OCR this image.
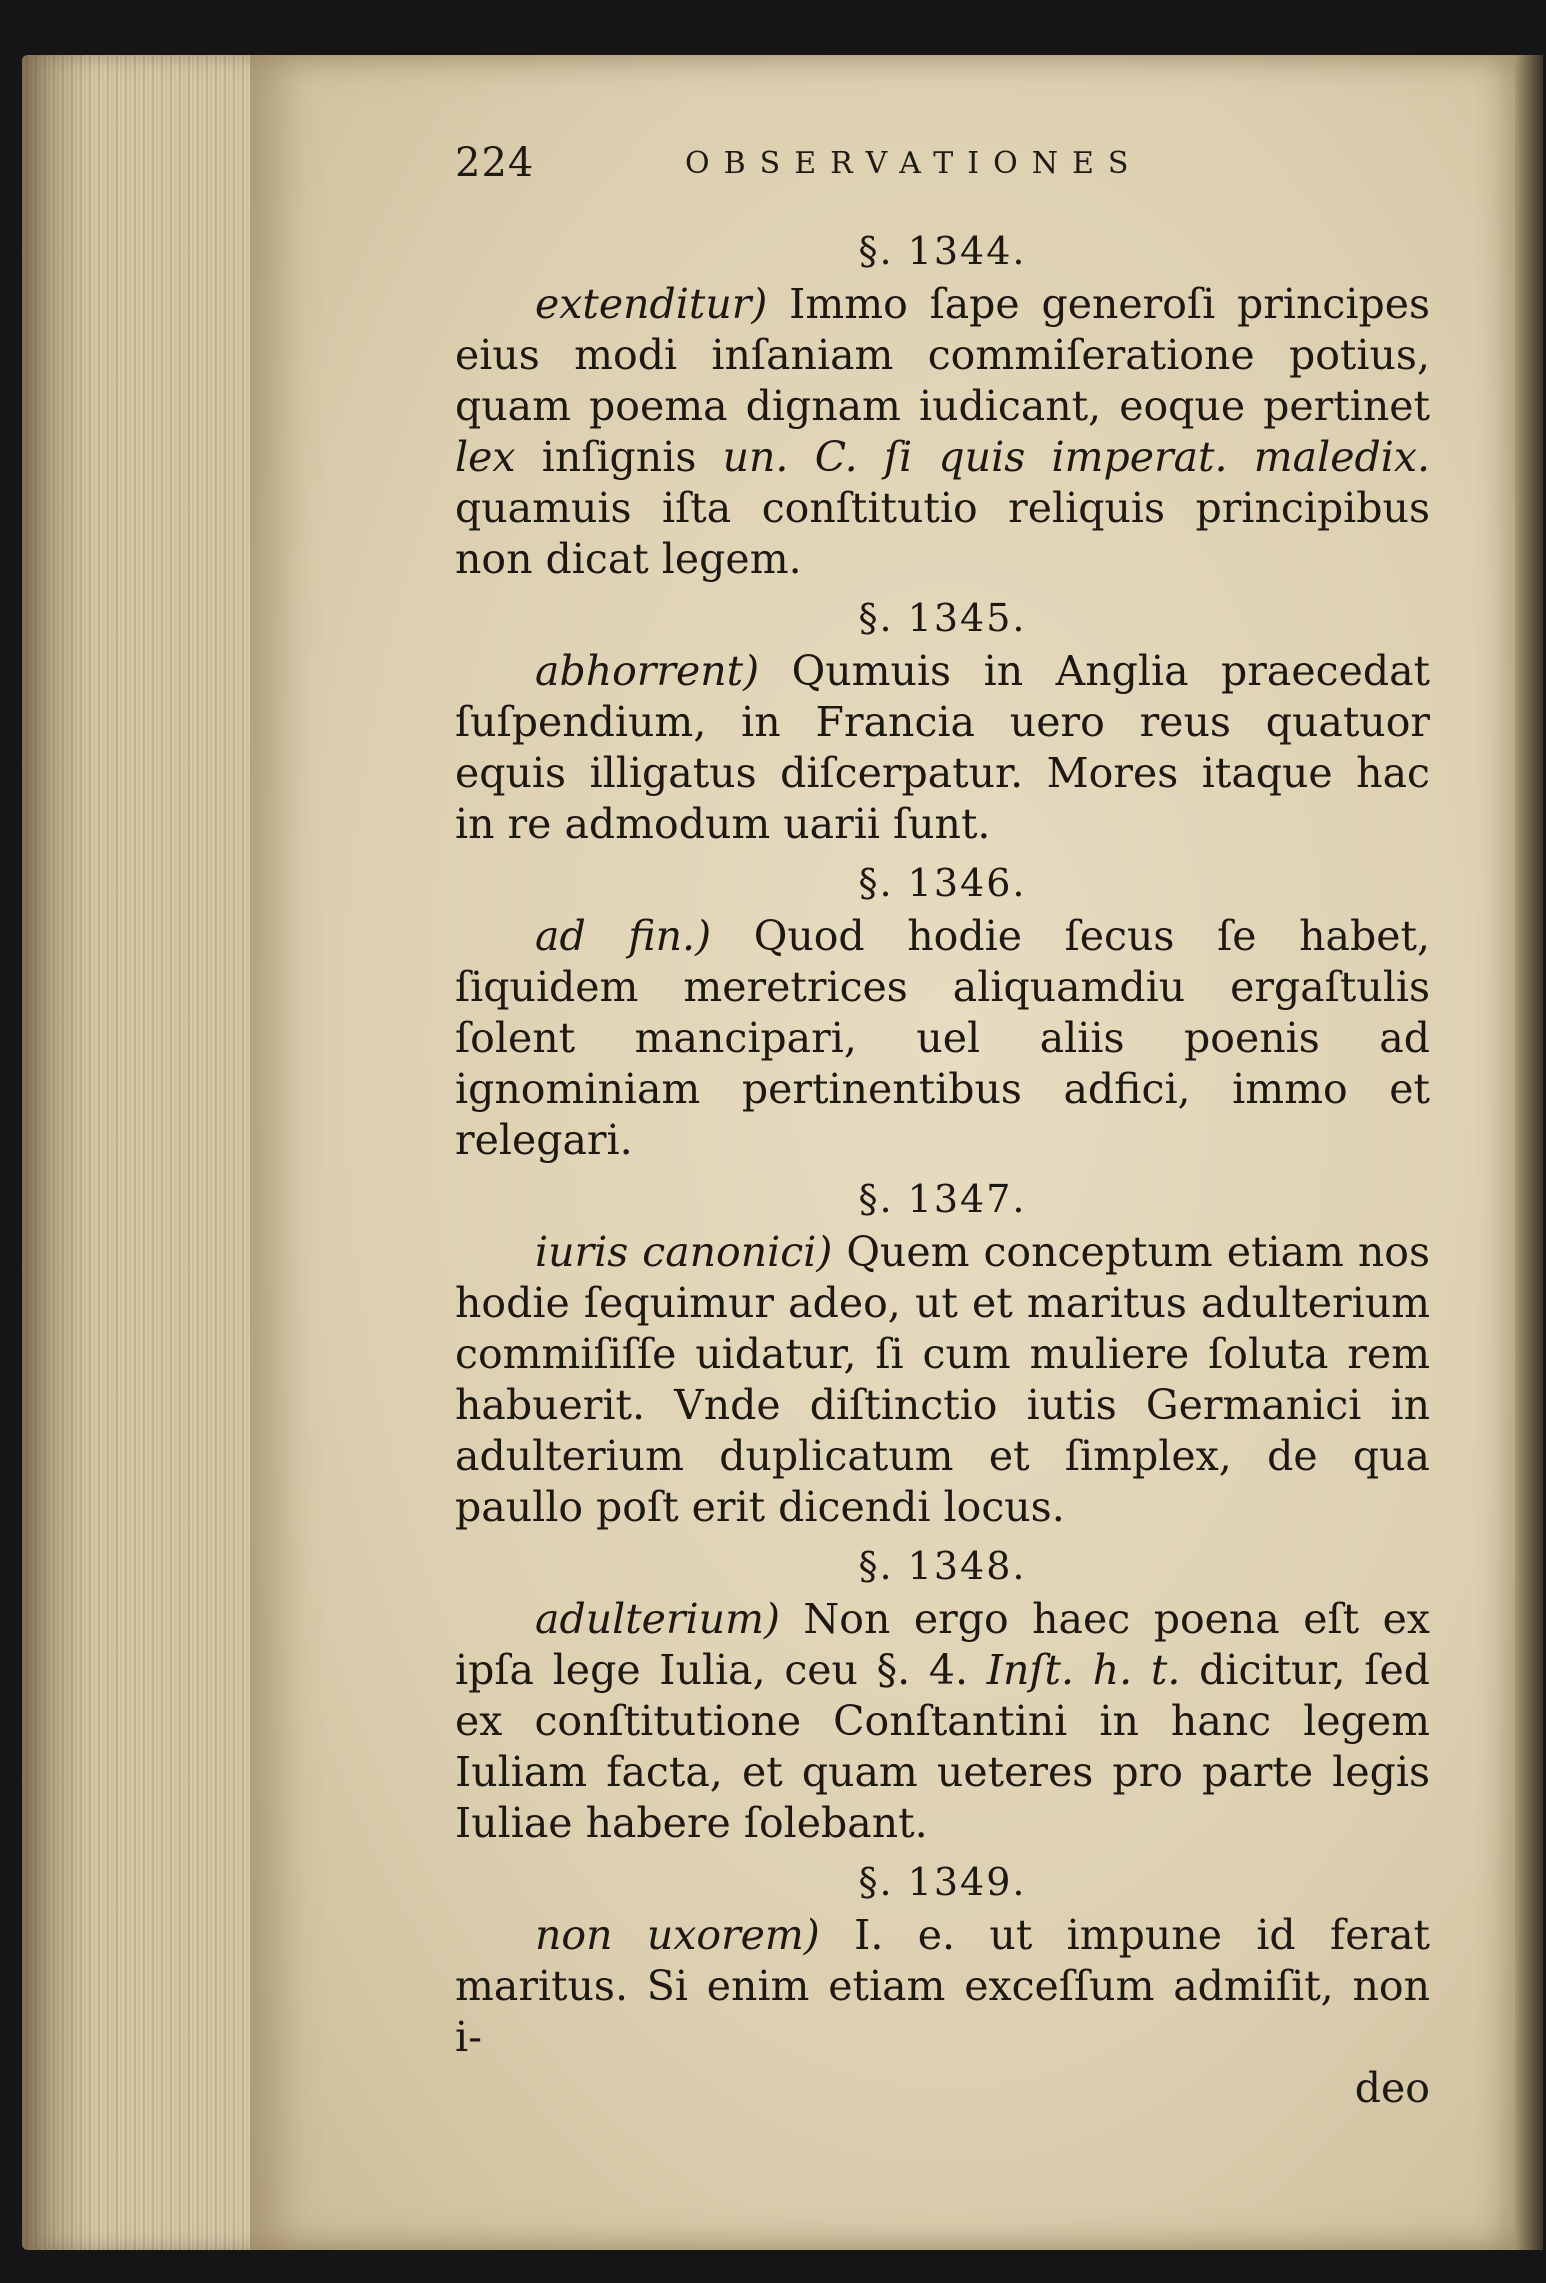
224	OBSERVATIONES
§. 1344.

extenditur) Immo ſape generoſi principes eius modi inſaniam commiſeratione potius, quam poema dignam iudicant, eoque pertinet lex inſignis un. C. ſi quis imperat. maledix. quamuis iſta conſtitutio reliquis principibus non dicat legem.

§. 1345.

abhorrent) Qumuis in Anglia praecedat ſuſpendium, in Francia uero reus quatuor equis illigatus diſcerpatur. Mores itaque hac in re admodum uarii ſunt.

§. 1346.

ad fin.) Quod hodie ſecus ſe habet, ſiquidem meretrices aliquamdiu ergaſtulis ſolent mancipari, uel aliis poenis ad ignominiam pertinentibus adfici, immo et relegari.

§. 1347.

iuris canonici) Quem conceptum etiam nos hodie ſequimur adeo, ut et maritus adulterium commiſiſſe uidatur, ſi cum muliere ſoluta rem habuerit. Vnde diſtinctio iutis Germanici in adulterium duplicatum et ſimplex, de qua paullo poſt erit dicendi locus.

§. 1348.

adulterium) Non ergo haec poena eſt ex ipſa lege Iulia, ceu §. 4. Inſt. h. t. dicitur, ſed ex conſtitutione Conſtantini in hanc legem Iuliam facta, et quam ueteres pro parte legis Iuliae habere ſolebant.

§. 1349.

non uxorem) I. e. ut impune id ferat maritus. Si enim etiam exceſſum admiſit, non i-

deo
